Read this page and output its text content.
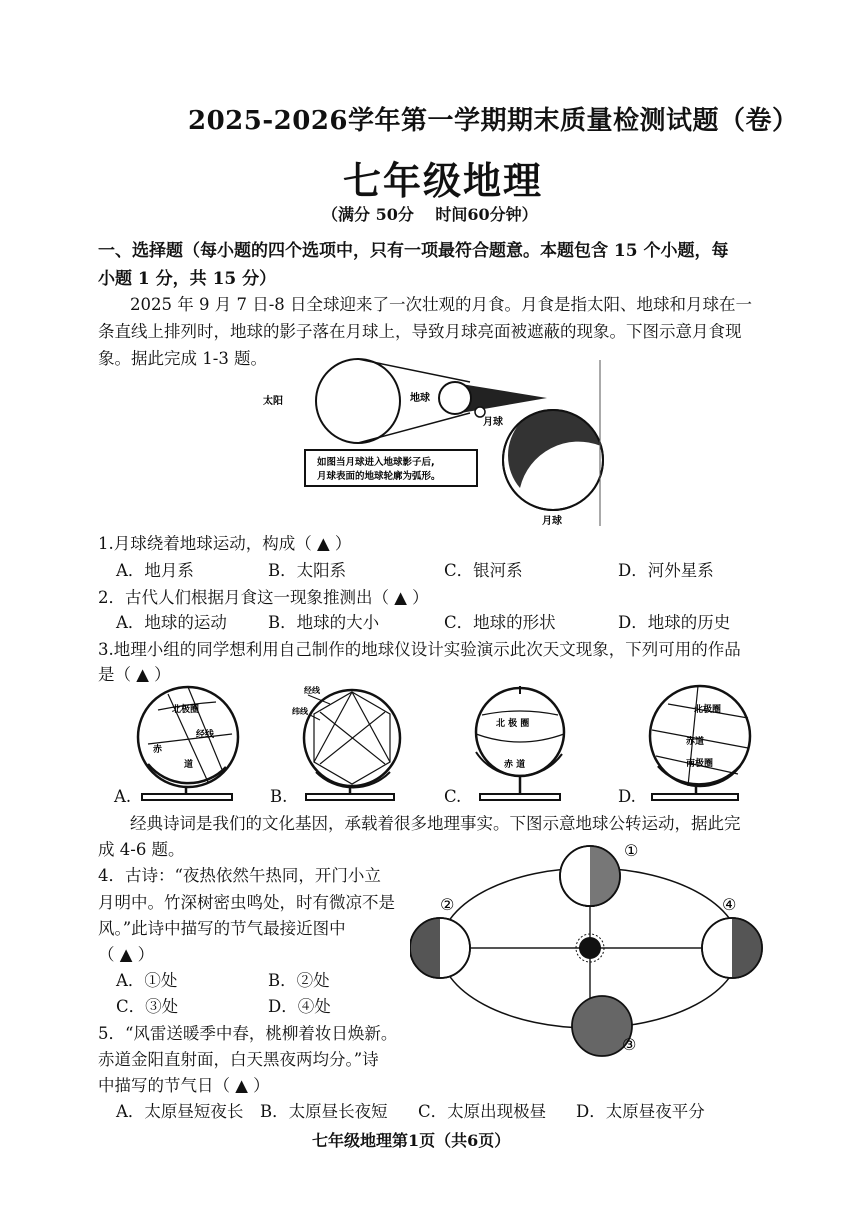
2025-2026学年第一学期期末质量检测试题（卷）
七年级地理
（满分 50分　 时间60分钟）
一、选择题（每小题的四个选项中，只有一项最符合题意。本题包含 15 个小题，每
小题 1 分，共 15 分）
2025 年 9 月 7 日-8 日全球迎来了一次壮观的月食。月食是指太阳、地球和月球在一
条直线上排列时，地球的影子落在月球上，导致月球亮面被遮蔽的现象。下图示意月食现
象。据此完成 1-3 题。
太阳	地球
月球
如图当月球进入地球影子后,
月球表面的地球轮廓为弧形。
月球
1.月球绕着地球运动，构成（ ▲ ）
A．地月系	B．太阳系	C．银河系	D．河外星系
2．古代人们根据月食这一现象推测出（ ▲ ）
A．地球的运动 B．地球的大小	C．地球的形状	D．地球的历史
3.地理小组的同学想利用自己制作的地球仪设计实验演示此次天文现象，下列可用的作品
是（ ▲ ）
北极圈
赤
道
经线
A.
经线
纬线
B.
北 极 圈
赤 道
C.
北极圈
赤道
南极圈
D.
经典诗词是我们的文化基因，承载着很多地理事实。下图示意地球公转运动，据此完
成 4-6 题。	①
②
③
④
4．古诗：“夜热依然午热同，开门小立
月明中。竹深树密虫鸣处，时有微凉不是
风。”此诗中描写的节气最接近图中
（ ▲ ）
A．①处	B．②处
C．③处	D．④处
5．“风雷送暖季中春，桃柳着妆日焕新。
赤道金阳直射面，白天黑夜两均分。”诗
中描写的节气日（ ▲ ）
A．太原昼短夜长 B．太原昼长夜短 C．太原出现极昼 D．太原昼夜平分
七年级地理第1页（共6页）
